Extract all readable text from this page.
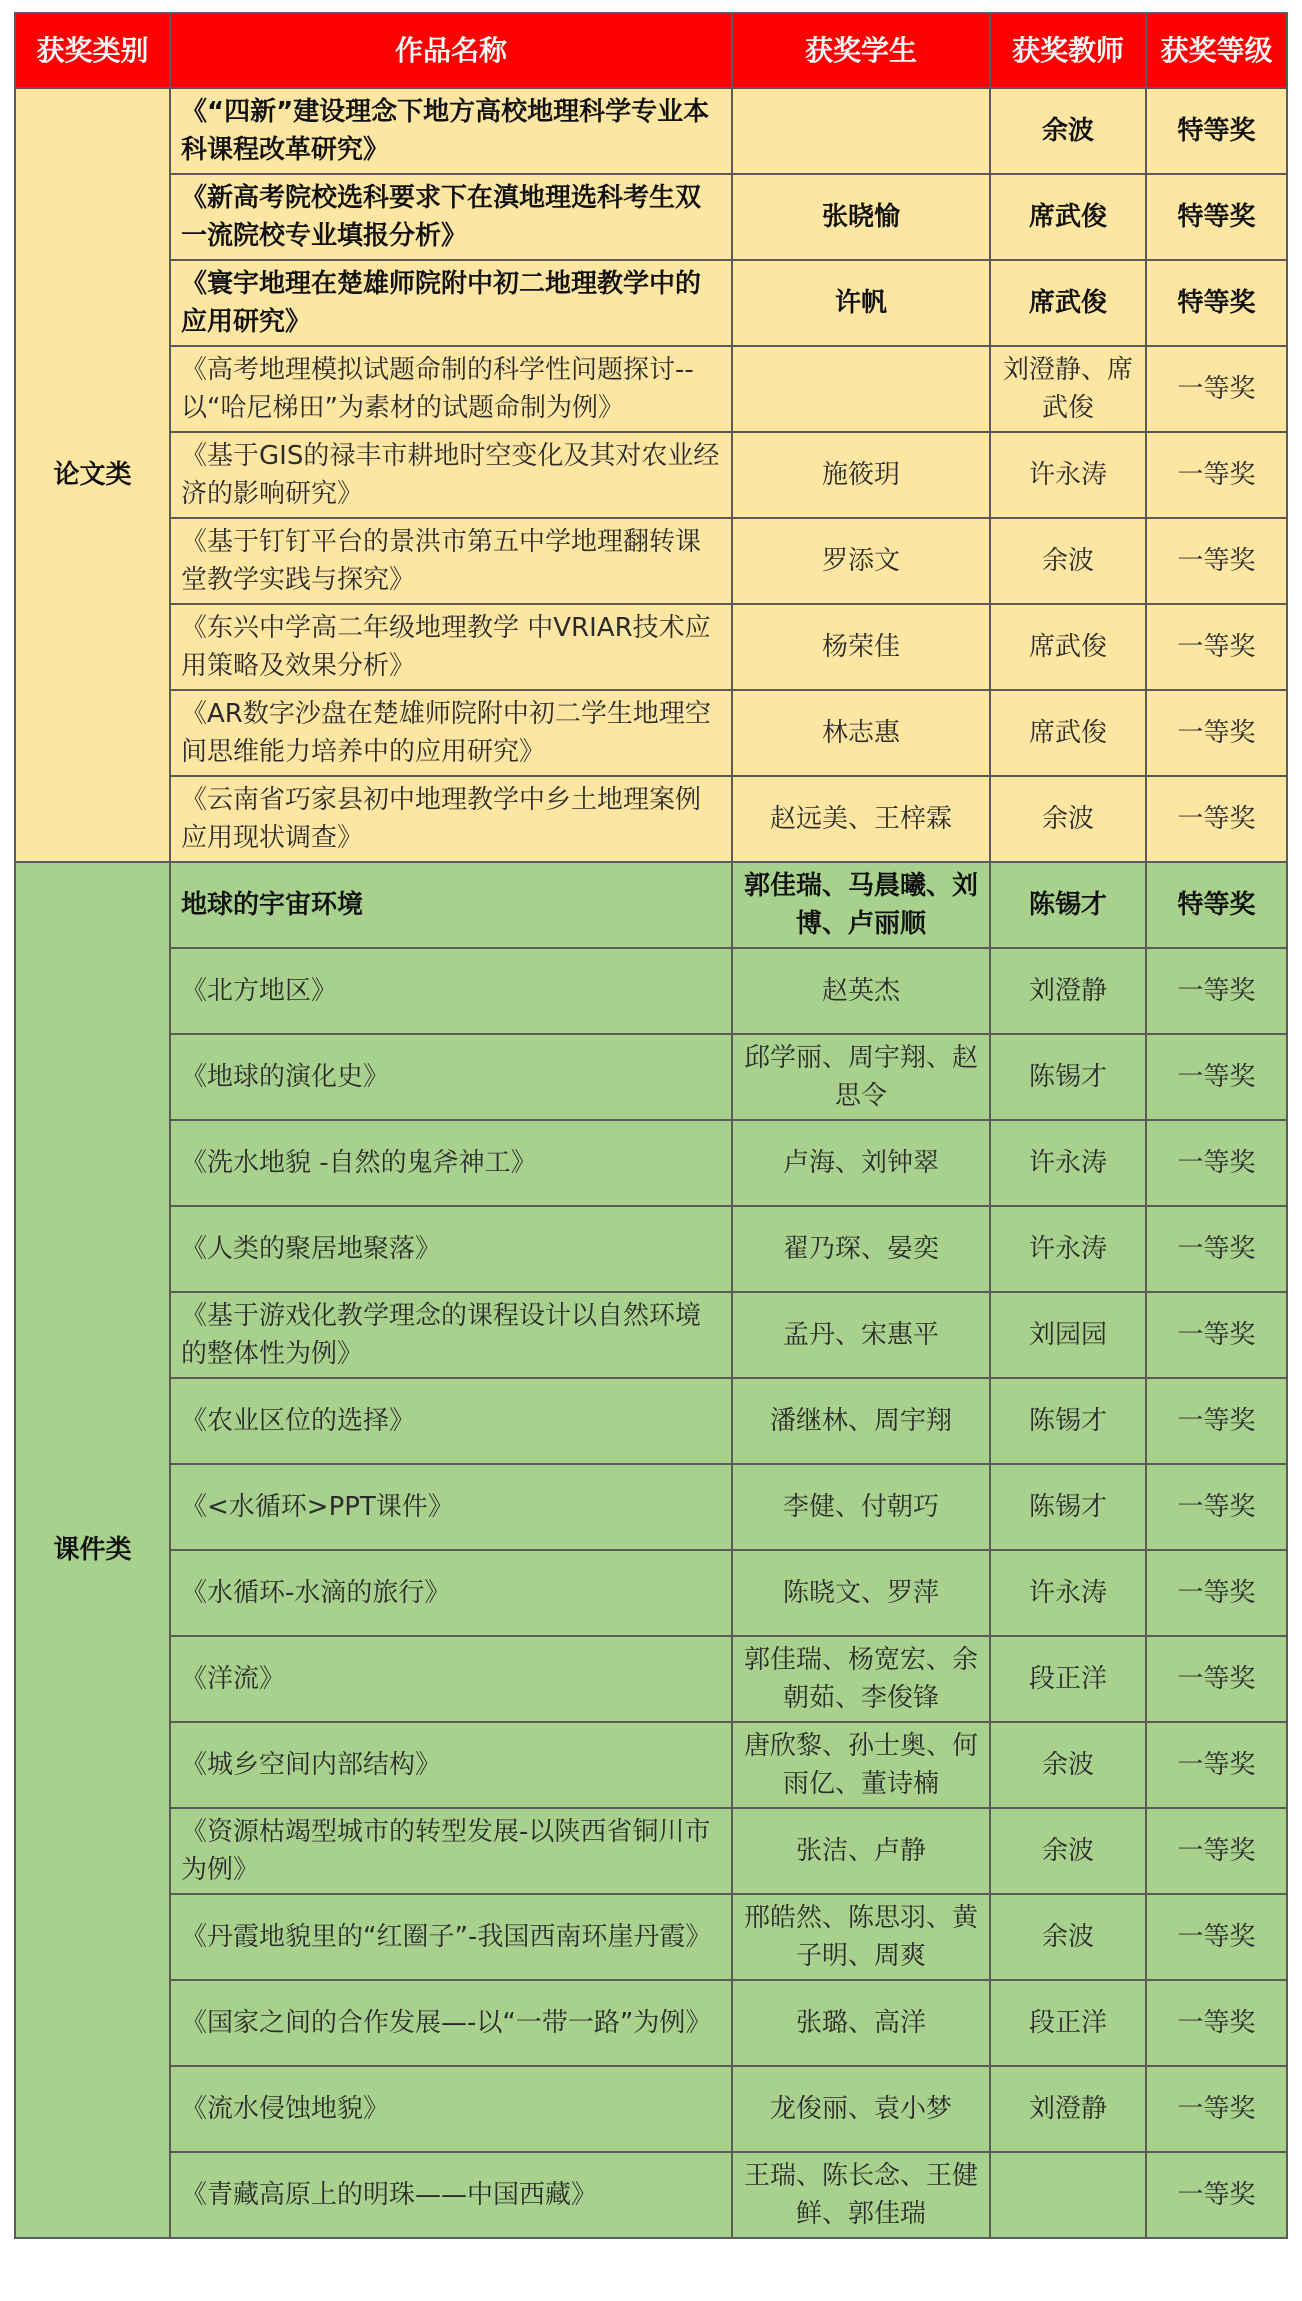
获奖类别	作品名称	获奖学生	获奖教师	获奖等级
论文类	《“四新”建设理念下地方高校地理科学专业本科课程改革研究》		余波	特等奖
	《新高考院校选科要求下在滇地理选科考生双一流院校专业填报分析》	张晓愉	席武俊	特等奖
	《寰宇地理在楚雄师院附中初二地理教学中的应用研究》	许帆	席武俊	特等奖
	《高考地理模拟试题命制的科学性问题探讨--以“哈尼梯田”为素材的试题命制为例》		刘澄静、席武俊	一等奖
	《基于GIS的禄丰市耕地时空变化及其对农业经济的影响研究》	施筱玥	许永涛	一等奖
	《基于钉钉平台的景洪市第五中学地理翻转课堂教学实践与探究》	罗添文	余波	一等奖
	《东兴中学高二年级地理教学 中VRIAR技术应用策略及效果分析》	杨荣佳	席武俊	一等奖
	《AR数字沙盘在楚雄师院附中初二学生地理空间思维能力培养中的应用研究》	林志惠	席武俊	一等奖
	《云南省巧家县初中地理教学中乡土地理案例应用现状调查》	赵远美、王梓霖	余波	一等奖
课件类	地球的宇宙环境	郭佳瑞、马晨曦、刘博、卢丽顺	陈锡才	特等奖
	《北方地区》	赵英杰	刘澄静	一等奖
	《地球的演化史》	邱学丽、周宇翔、赵思令	陈锡才	一等奖
	《洗水地貌 -自然的鬼斧神工》	卢海、刘钟翠	许永涛	一等奖
	《人类的聚居地聚落》	翟乃琛、晏奕	许永涛	一等奖
	《基于游戏化教学理念的课程设计以自然环境的整体性为例》	孟丹、宋惠平	刘园园	一等奖
	《农业区位的选择》	潘继林、周宇翔	陈锡才	一等奖
	《<水循环>PPT课件》	李健、付朝巧	陈锡才	一等奖
	《水循环-水滴的旅行》	陈晓文、罗萍	许永涛	一等奖
	《洋流》	郭佳瑞、杨宽宏、余朝茹、李俊锋	段正洋	一等奖
	《城乡空间内部结构》	唐欣黎、孙士奥、何雨亿、董诗楠	余波	一等奖
	《资源枯竭型城市的转型发展-以陕西省铜川市为例》	张洁、卢静	余波	一等奖
	《丹霞地貌里的“红圈子”-我国西南环崖丹霞》	邢皓然、陈思羽、黄子明、周爽	余波	一等奖
	《国家之间的合作发展—-以“一带一路”为例》	张璐、高洋	段正洋	一等奖
	《流水侵蚀地貌》	龙俊丽、袁小梦	刘澄静	一等奖
	《青藏高原上的明珠——中国西藏》	王瑞、陈长念、王健鲜、郭佳瑞		一等奖
